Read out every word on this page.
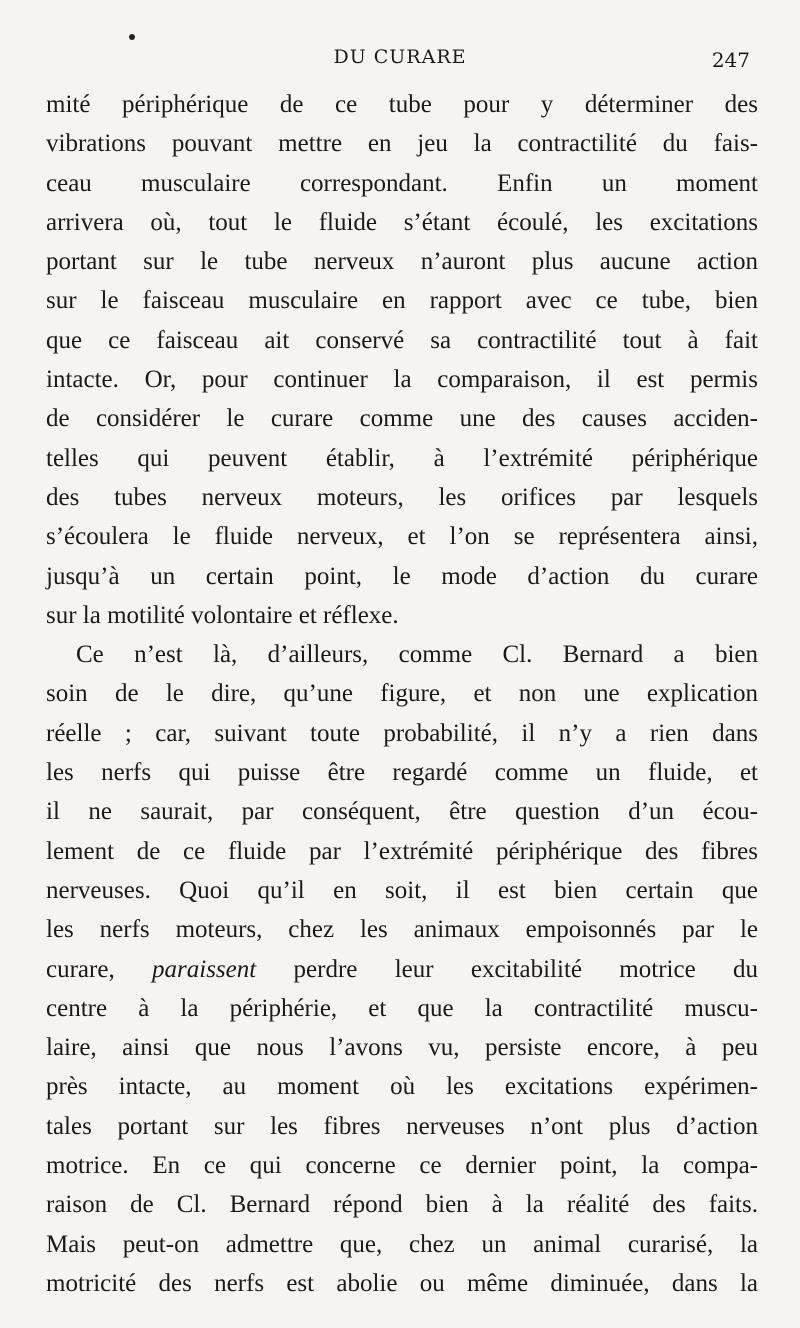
DU CURARE	247
mité périphérique de ce tube pour y déterminer des
vibrations pouvant mettre en jeu la contractilité du fais-
ceau musculaire correspondant. Enfin un moment
arrivera où, tout le fluide s’étant écoulé, les excitations
portant sur le tube nerveux n’auront plus aucune action
sur le faisceau musculaire en rapport avec ce tube, bien
que ce faisceau ait conservé sa contractilité tout à fait
intacte. Or, pour continuer la comparaison, il est permis
de considérer le curare comme une des causes acciden-
telles qui peuvent établir, à l’extrémité périphérique
des tubes nerveux moteurs, les orifices par lesquels
s’écoulera le fluide nerveux, et l’on se représentera ainsi,
jusqu’à un certain point, le mode d’action du curare
sur la motilité volontaire et réflexe.
Ce n’est là, d’ailleurs, comme Cl. Bernard a bien
soin de le dire, qu’une figure, et non une explication
réelle ; car, suivant toute probabilité, il n’y a rien dans
les nerfs qui puisse être regardé comme un fluide, et
il ne saurait, par conséquent, être question d’un écou-
lement de ce fluide par l’extrémité périphérique des fibres
nerveuses. Quoi qu’il en soit, il est bien certain que
les nerfs moteurs, chez les animaux empoisonnés par le
curare, paraissent perdre leur excitabilité motrice du
centre à la périphérie, et que la contractilité muscu-
laire, ainsi que nous l’avons vu, persiste encore, à peu
près intacte, au moment où les excitations expérimen-
tales portant sur les fibres nerveuses n’ont plus d’action
motrice. En ce qui concerne ce dernier point, la compa-
raison de Cl. Bernard répond bien à la réalité des faits.
Mais peut-on admettre que, chez un animal curarisé, la
motricité des nerfs est abolie ou même diminuée, dans la
